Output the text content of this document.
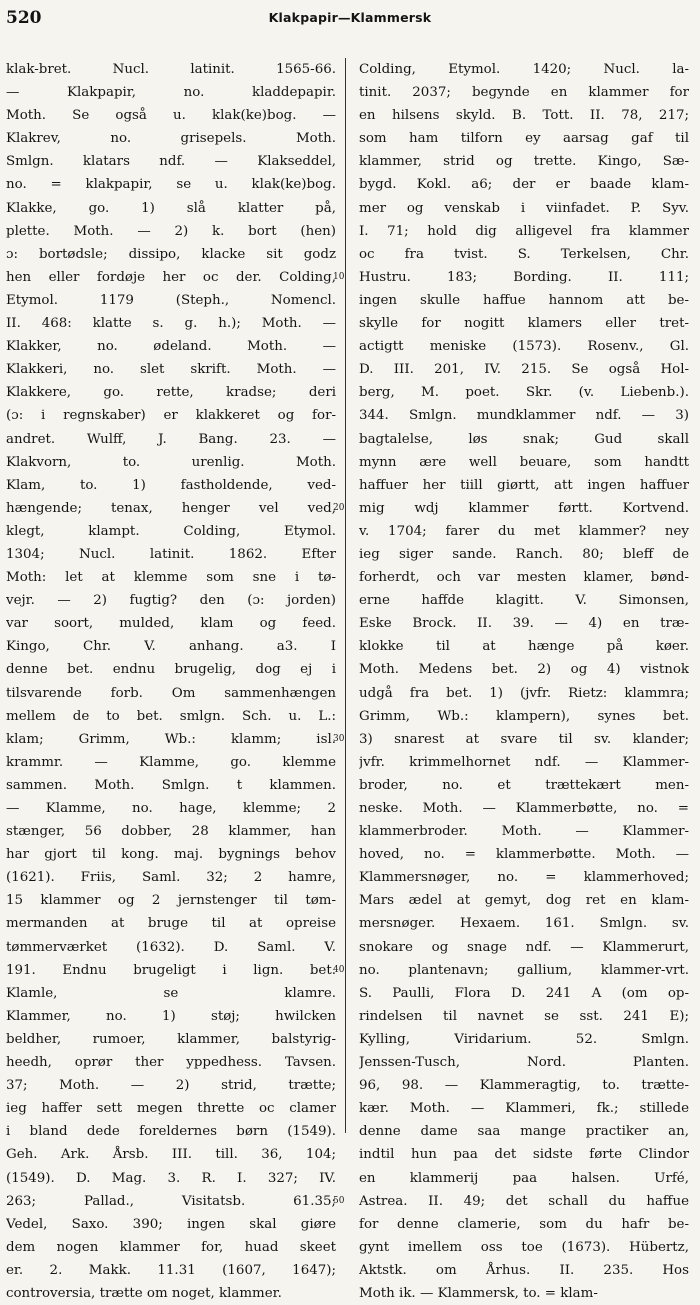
520	Klakpapir—Klammersk
klak-bret. Nucl. latinit. 1565-66.
— Klakpapir, no. kladdepapir.
Moth. Se også u. klak(ke)bog. —
Klakrev, no. grisepels. Moth.
Smlgn. klatars ndf. — Klakseddel,
no. = klakpapir, se u. klak(ke)bog.
Klakke, go. 1) slå klatter på,
plette. Moth. — 2) k. bort (hen)
ɔ: bortødsle; dissipo, klacke sit godz
hen eller fordøje her oc der. Colding,
Etymol. 1179 (Steph., Nomencl.
II. 468: klatte s. g. h.); Moth. —
Klakker, no. ødeland. Moth. —
Klakkeri, no. slet skrift. Moth. —
Klakkere, go. rette, kradse; deri
(ɔ: i regnskaber) er klakkeret og for-
andret. Wulff, J. Bang. 23. —
Klakvorn, to. urenlig. Moth.
Klam, to. 1) fastholdende, ved-
hængende; tenax, henger vel ved,
klegt, klampt. Colding, Etymol.
1304; Nucl. latinit. 1862. Efter
Moth: let at klemme som sne i tø-
vejr. — 2) fugtig? den (ɔ: jorden)
var soort, mulded, klam og feed.
Kingo, Chr. V. anhang. a3. I
denne bet. endnu brugelig, dog ej i
tilsvarende forb. Om sammenhængen
mellem de to bet. smlgn. Sch. u. L.:
klam; Grimm, Wb.: klamm; isl.
krammr. — Klamme, go. klemme
sammen. Moth. Smlgn. t klammen.
— Klamme, no. hage, klemme; 2
stænger, 56 dobber, 28 klammer, han
har gjort til kong. maj. bygnings behov
(1621). Friis, Saml. 32; 2 hamre,
15 klammer og 2 jernstenger til tøm-
mermanden at bruge til at opreise
tømmerværket (1632). D. Saml. V.
191. Endnu brugeligt i lign. bet.
Klamle, se klamre.
Klammer, no. 1) støj; hwilcken
beldher, rumoer, klammer, balstyrig-
heedh, oprør ther yppedhess. Tavsen.
37; Moth. — 2) strid, trætte;
ieg haffer sett megen thrette oc clamer
i bland dede foreldernes børn (1549).
Geh. Ark. Årsb. III. till. 36, 104;
(1549). D. Mag. 3. R. I. 327; IV.
263; Pallad., Visitatsb. 61.35;
Vedel, Saxo. 390; ingen skal giøre
dem nogen klammer for, huad skeet
er. 2. Makk. 11.31 (1607, 1647);
controversia, trætte om noget, klammer.
Colding, Etymol. 1420; Nucl. la-
tinit. 2037; begynde en klammer for
en hilsens skyld. B. Tott. II. 78, 217;
som ham tilforn ey aarsag gaf til
klammer, strid og trette. Kingo, Sæ-
bygd. Kokl. a6; der er baade klam-
mer og venskab i viinfadet. P. Syv.
I. 71; hold dig alligevel fra klammer
oc fra tvist. S. Terkelsen, Chr.
Hustru. 183; Bording. II. 111;
ingen skulle haffue hannom att be-
skylle for nogitt klamers eller tret-
actigtt meniske (1573). Rosenv., Gl.
D. III. 201, IV. 215. Se også Hol-
berg, M. poet. Skr. (v. Liebenb.).
344. Smlgn. mundklammer ndf. — 3)
bagtalelse, løs snak; Gud skall
mynn ære well beuare, som handtt
haffuer her tiill giørtt, att ingen haffuer
mig wdj klammer førtt. Kortvend.
v. 1704; farer du met klammer? ney
ieg siger sande. Ranch. 80; bleff de
forherdt, och var mesten klamer, bønd-
erne haffde klagitt. V. Simonsen,
Eske Brock. II. 39. — 4) en træ-
klokke til at hænge på køer.
Moth. Medens bet. 2) og 4) vistnok
udgå fra bet. 1) (jvfr. Rietz: klammra;
Grimm, Wb.: klampern), synes bet.
3) snarest at svare til sv. klander;
jvfr. krimmelhornet ndf. — Klammer-
broder, no. et trættekært men-
neske. Moth. — Klammerbøtte, no. =
klammerbroder. Moth. — Klammer-
hoved, no. = klammerbøtte. Moth. —
Klammersnøger, no. = klammerhoved;
Mars ædel at gemyt, dog ret en klam-
mersnøger. Hexaem. 161. Smlgn. sv.
snokare og snage ndf. — Klammerurt,
no. plantenavn; gallium, klammer-vrt.
S. Paulli, Flora D. 241 A (om op-
rindelsen til navnet se sst. 241 E);
Kylling, Viridarium. 52. Smlgn.
Jenssen-Tusch, Nord. Planten.
96, 98. — Klammeragtig, to. trætte-
kær. Moth. — Klammeri, fk.; stillede
denne dame saa mange practiker an,
indtil hun paa det sidste førte Clindor
en klammerij paa halsen. Urfé,
Astrea. II. 49; det schall du haffue
for denne clamerie, som du hafr be-
gynt imellem oss toe (1673). Hübertz,
Aktstk. om Århus. II. 235. Hos
Moth ik. — Klammersk, to. = klam-
10
20
30
40
50
